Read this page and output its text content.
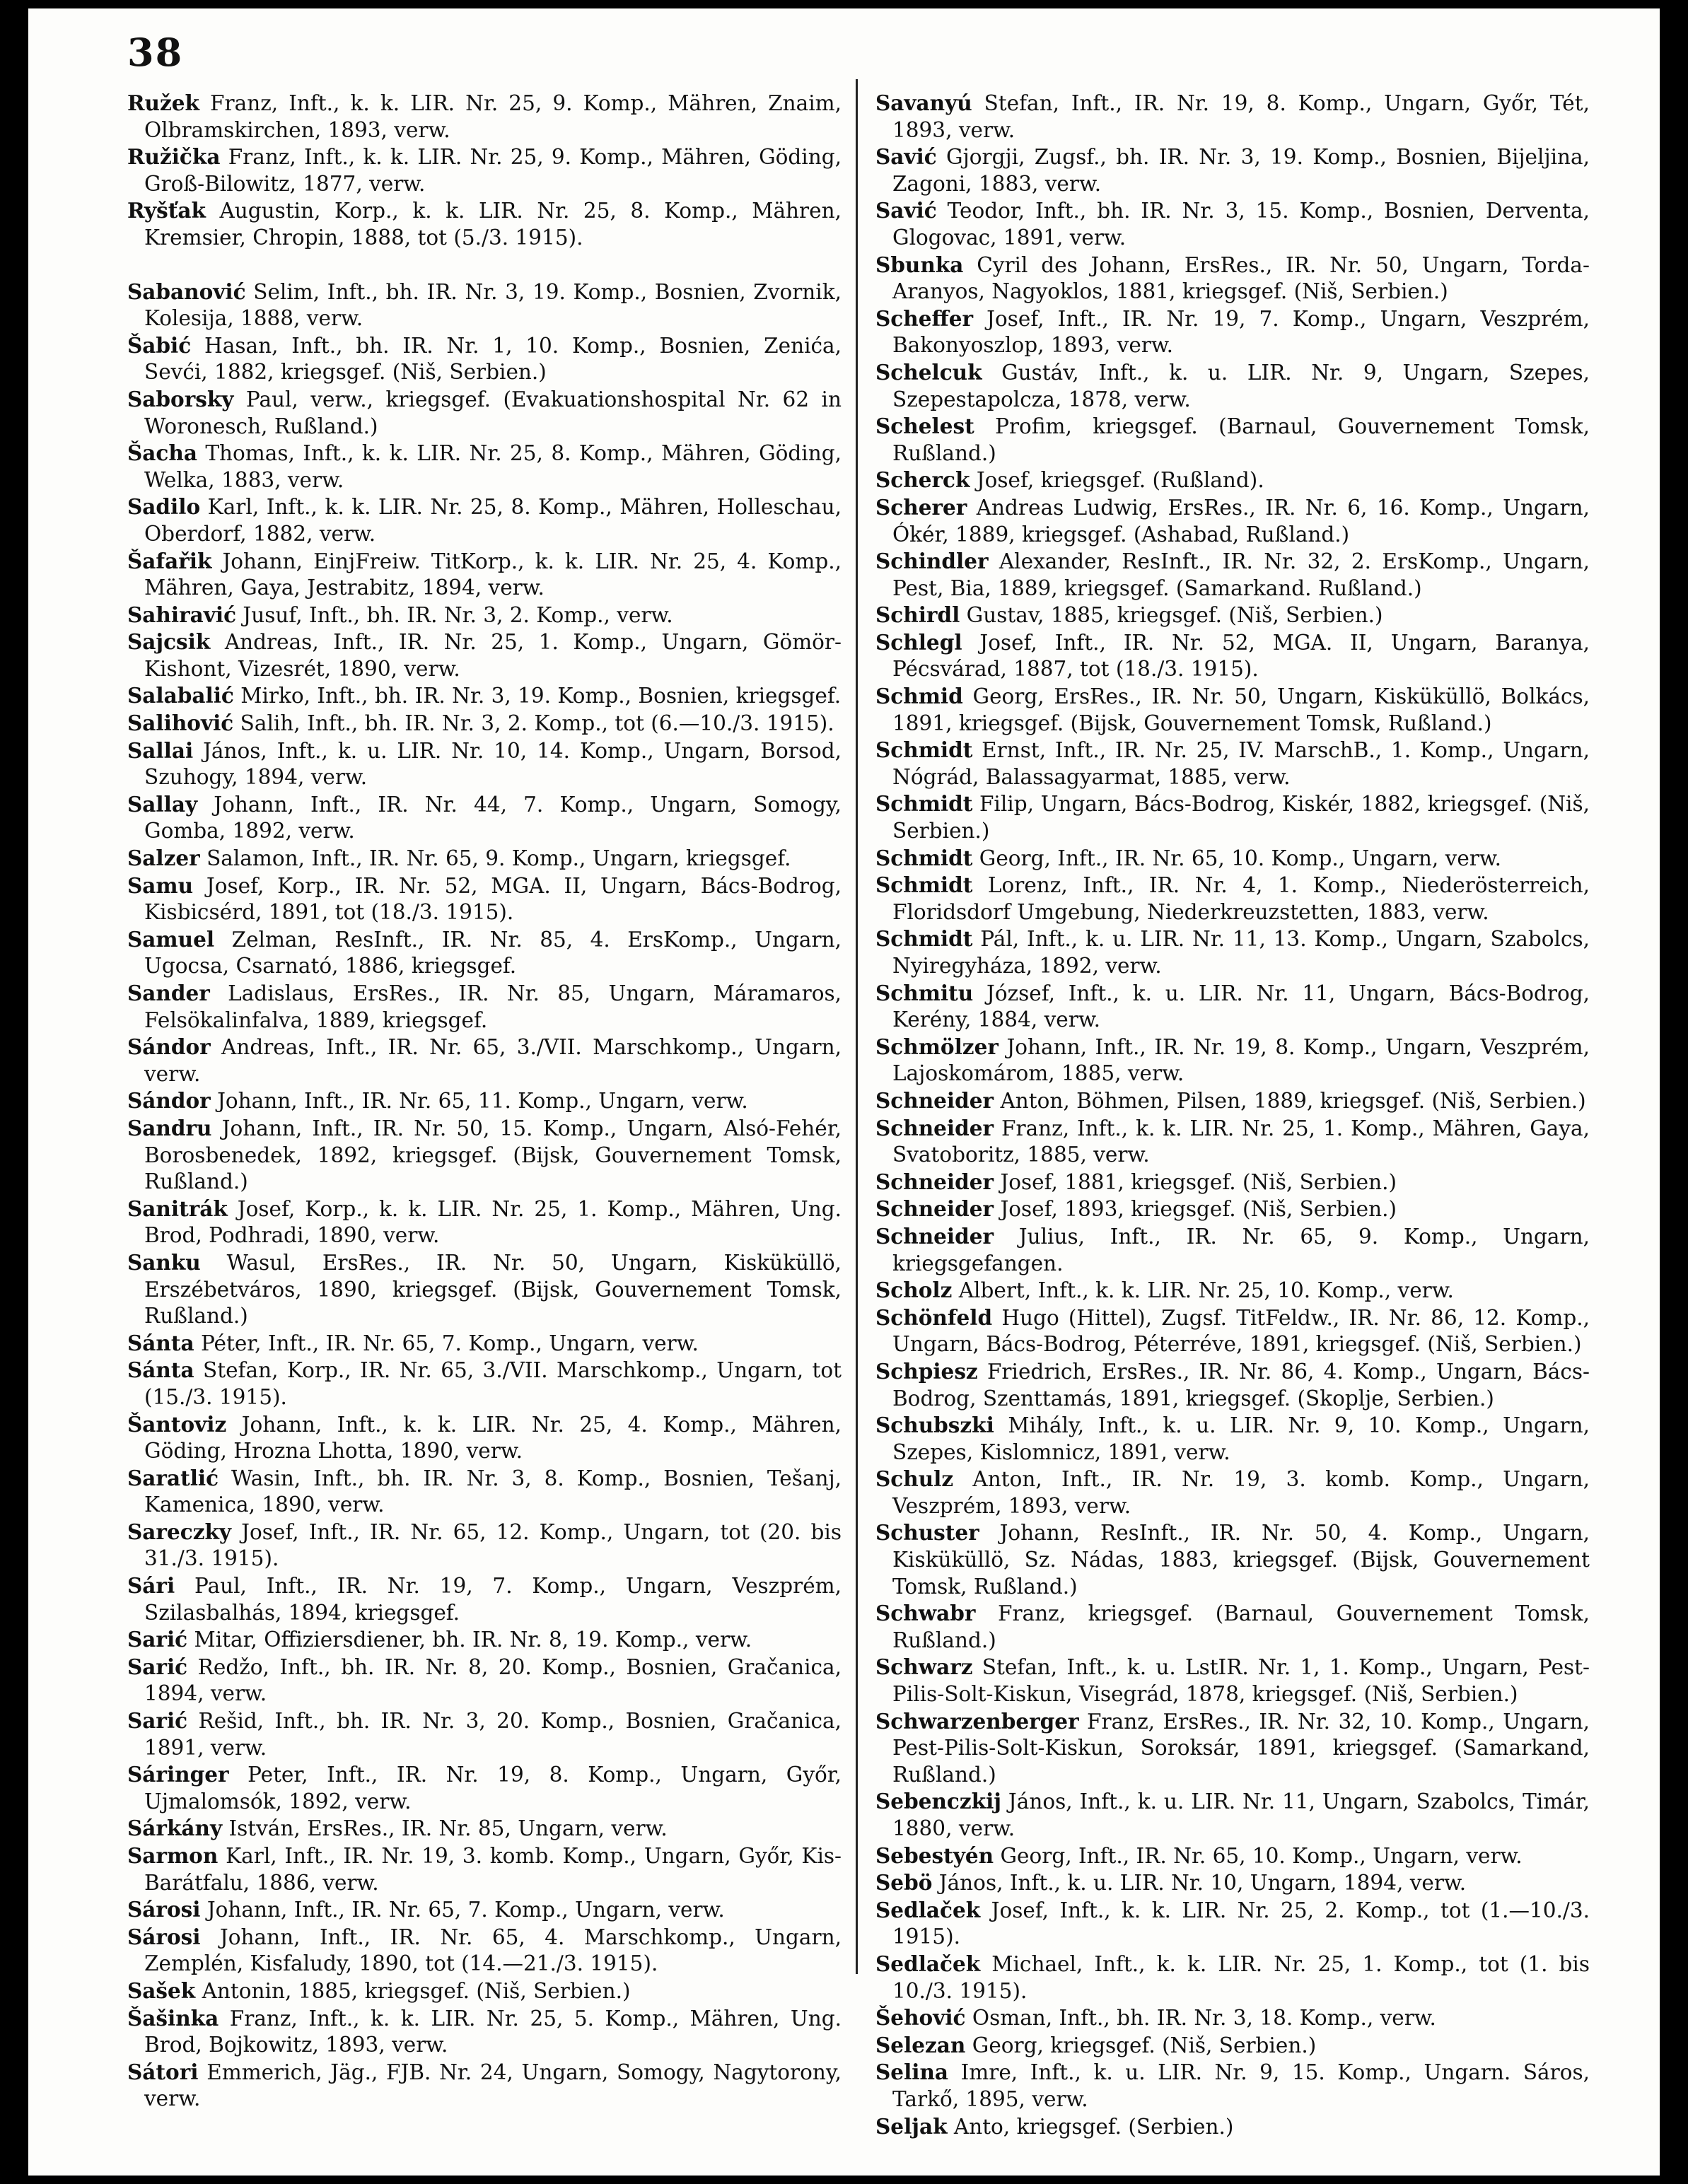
38

Ružek Franz, Inft., k. k. LIR. Nr. 25, 9. Komp., Mähren, Znaim, Olbramskirchen, 1893, verw.

Ružička Franz, Inft., k. k. LIR. Nr. 25, 9. Komp., Mähren, Göding, Groß-Bilowitz, 1877, verw.

Ryšťak Augustin, Korp., k. k. LIR. Nr. 25, 8. Komp., Mähren, Kremsier, Chropin, 1888, tot (5./3. 1915).

Sabanović Selim, Inft., bh. IR. Nr. 3, 19. Komp., Bosnien, Zvornik, Kolesija, 1888, verw.

Šabić Hasan, Inft., bh. IR. Nr. 1, 10. Komp., Bosnien, Zenića, Sevći, 1882, kriegsgef. (Niš, Serbien.)

Saborsky Paul, verw., kriegsgef. (Evakuationshospital Nr. 62 in Woronesch, Rußland.)

Šacha Thomas, Inft., k. k. LIR. Nr. 25, 8. Komp., Mähren, Göding, Welka, 1883, verw.

Sadilo Karl, Inft., k. k. LIR. Nr. 25, 8. Komp., Mähren, Holleschau, Oberdorf, 1882, verw.

Šafařik Johann, EinjFreiw. TitKorp., k. k. LIR. Nr. 25, 4. Komp., Mähren, Gaya, Jestrabitz, 1894, verw.

Sahiravić Jusuf, Inft., bh. IR. Nr. 3, 2. Komp., verw.

Sajcsik Andreas, Inft., IR. Nr. 25, 1. Komp., Ungarn, Gömör-Kishont, Vizesrét, 1890, verw.

Salabalić Mirko, Inft., bh. IR. Nr. 3, 19. Komp., Bosnien, kriegsgef.

Salihović Salih, Inft., bh. IR. Nr. 3, 2. Komp., tot (6.—10./3. 1915).

Sallai János, Inft., k. u. LIR. Nr. 10, 14. Komp., Ungarn, Borsod, Szuhogy, 1894, verw.

Sallay Johann, Inft., IR. Nr. 44, 7. Komp., Ungarn, Somogy, Gomba, 1892, verw.

Salzer Salamon, Inft., IR. Nr. 65, 9. Komp., Ungarn, kriegsgef.

Samu Josef, Korp., IR. Nr. 52, MGA. II, Ungarn, Bács-Bodrog, Kisbicsérd, 1891, tot (18./3. 1915).

Samuel Zelman, ResInft., IR. Nr. 85, 4. ErsKomp., Ungarn, Ugocsa, Csarnató, 1886, kriegsgef.

Sander Ladislaus, ErsRes., IR. Nr. 85, Ungarn, Máramaros, Felsökalinfalva, 1889, kriegsgef.

Sándor Andreas, Inft., IR. Nr. 65, 3./VII. Marschkomp., Ungarn, verw.

Sándor Johann, Inft., IR. Nr. 65, 11. Komp., Ungarn, verw.

Sandru Johann, Inft., IR. Nr. 50, 15. Komp., Ungarn, Alsó-Fehér, Borosbenedek, 1892, kriegsgef. (Bijsk, Gouvernement Tomsk, Rußland.)

Sanitrák Josef, Korp., k. k. LIR. Nr. 25, 1. Komp., Mähren, Ung. Brod, Podhradi, 1890, verw.

Sanku Wasul, ErsRes., IR. Nr. 50, Ungarn, Kisküküllö, Erszébetváros, 1890, kriegsgef. (Bijsk, Gouvernement Tomsk, Rußland.)

Sánta Péter, Inft., IR. Nr. 65, 7. Komp., Ungarn, verw.

Sánta Stefan, Korp., IR. Nr. 65, 3./VII. Marschkomp., Ungarn, tot (15./3. 1915).

Šantoviz Johann, Inft., k. k. LIR. Nr. 25, 4. Komp., Mähren, Göding, Hrozna Lhotta, 1890, verw.

Saratlić Wasin, Inft., bh. IR. Nr. 3, 8. Komp., Bosnien, Tešanj, Kamenica, 1890, verw.

Sareczky Josef, Inft., IR. Nr. 65, 12. Komp., Ungarn, tot (20. bis 31./3. 1915).

Sári Paul, Inft., IR. Nr. 19, 7. Komp., Ungarn, Veszprém, Szilasbalhás, 1894, kriegsgef.

Sarić Mitar, Offiziersdiener, bh. IR. Nr. 8, 19. Komp., verw.

Sarić Redžo, Inft., bh. IR. Nr. 8, 20. Komp., Bosnien, Gračanica, 1894, verw.

Sarić Rešid, Inft., bh. IR. Nr. 3, 20. Komp., Bosnien, Gračanica, 1891, verw.

Sáringer Peter, Inft., IR. Nr. 19, 8. Komp., Ungarn, Győr, Ujmalomsók, 1892, verw.

Sárkány István, ErsRes., IR. Nr. 85, Ungarn, verw.

Sarmon Karl, Inft., IR. Nr. 19, 3. komb. Komp., Ungarn, Győr, Kis-Barátfalu, 1886, verw.

Sárosi Johann, Inft., IR. Nr. 65, 7. Komp., Ungarn, verw.

Sárosi Johann, Inft., IR. Nr. 65, 4. Marschkomp., Ungarn, Zemplén, Kisfaludy, 1890, tot (14.—21./3. 1915).

Sašek Antonin, 1885, kriegsgef. (Niš, Serbien.)

Šašinka Franz, Inft., k. k. LIR. Nr. 25, 5. Komp., Mähren, Ung. Brod, Bojkowitz, 1893, verw.

Sátori Emmerich, Jäg., FJB. Nr. 24, Ungarn, Somogy, Nagytorony, verw.

Savanyú Stefan, Inft., IR. Nr. 19, 8. Komp., Ungarn, Győr, Tét, 1893, verw.

Savić Gjorgji, Zugsf., bh. IR. Nr. 3, 19. Komp., Bosnien, Bijeljina, Zagoni, 1883, verw.

Savić Teodor, Inft., bh. IR. Nr. 3, 15. Komp., Bosnien, Derventa, Glogovac, 1891, verw.

Sbunka Cyril des Johann, ErsRes., IR. Nr. 50, Ungarn, Torda-Aranyos, Nagyoklos, 1881, kriegsgef. (Niš, Serbien.)

Scheffer Josef, Inft., IR. Nr. 19, 7. Komp., Ungarn, Veszprém, Bakonyoszlop, 1893, verw.

Schelcuk Gustáv, Inft., k. u. LIR. Nr. 9, Ungarn, Szepes, Szepestapolcza, 1878, verw.

Schelest Profim, kriegsgef. (Barnaul, Gouvernement Tomsk, Rußland.)

Scherck Josef, kriegsgef. (Rußland).

Scherer Andreas Ludwig, ErsRes., IR. Nr. 6, 16. Komp., Ungarn, Ókér, 1889, kriegsgef. (Ashabad, Rußland.)

Schindler Alexander, ResInft., IR. Nr. 32, 2. ErsKomp., Ungarn, Pest, Bia, 1889, kriegsgef. (Samarkand. Rußland.)

Schirdl Gustav, 1885, kriegsgef. (Niš, Serbien.)

Schlegl Josef, Inft., IR. Nr. 52, MGA. II, Ungarn, Baranya, Pécsvárad, 1887, tot (18./3. 1915).

Schmid Georg, ErsRes., IR. Nr. 50, Ungarn, Kisküküllö, Bolkács, 1891, kriegsgef. (Bijsk, Gouvernement Tomsk, Rußland.)

Schmidt Ernst, Inft., IR. Nr. 25, IV. MarschB., 1. Komp., Ungarn, Nógrád, Balassagyarmat, 1885, verw.

Schmidt Filip, Ungarn, Bács-Bodrog, Kiskér, 1882, kriegsgef. (Niš, Serbien.)

Schmidt Georg, Inft., IR. Nr. 65, 10. Komp., Ungarn, verw.

Schmidt Lorenz, Inft., IR. Nr. 4, 1. Komp., Niederösterreich, Floridsdorf Umgebung, Niederkreuzstetten, 1883, verw.

Schmidt Pál, Inft., k. u. LIR. Nr. 11, 13. Komp., Ungarn, Szabolcs, Nyiregyháza, 1892, verw.

Schmitu József, Inft., k. u. LIR. Nr. 11, Ungarn, Bács-Bodrog, Kerény, 1884, verw.

Schmölzer Johann, Inft., IR. Nr. 19, 8. Komp., Ungarn, Veszprém, Lajoskomárom, 1885, verw.

Schneider Anton, Böhmen, Pilsen, 1889, kriegsgef. (Niš, Serbien.)

Schneider Franz, Inft., k. k. LIR. Nr. 25, 1. Komp., Mähren, Gaya, Svatoboritz, 1885, verw.

Schneider Josef, 1881, kriegsgef. (Niš, Serbien.)

Schneider Josef, 1893, kriegsgef. (Niš, Serbien.)

Schneider Julius, Inft., IR. Nr. 65, 9. Komp., Ungarn, kriegsgefangen.

Scholz Albert, Inft., k. k. LIR. Nr. 25, 10. Komp., verw.

Schönfeld Hugo (Hittel), Zugsf. TitFeldw., IR. Nr. 86, 12. Komp., Ungarn, Bács-Bodrog, Péterréve, 1891, kriegsgef. (Niš, Serbien.)

Schpiesz Friedrich, ErsRes., IR. Nr. 86, 4. Komp., Ungarn, Bács-Bodrog, Szenttamás, 1891, kriegsgef. (Skoplje, Serbien.)

Schubszki Mihály, Inft., k. u. LIR. Nr. 9, 10. Komp., Ungarn, Szepes, Kislomnicz, 1891, verw.

Schulz Anton, Inft., IR. Nr. 19, 3. komb. Komp., Ungarn, Veszprém, 1893, verw.

Schuster Johann, ResInft., IR. Nr. 50, 4. Komp., Ungarn, Kisküküllö, Sz. Nádas, 1883, kriegsgef. (Bijsk, Gouvernement Tomsk, Rußland.)

Schwabr Franz, kriegsgef. (Barnaul, Gouvernement Tomsk, Rußland.)

Schwarz Stefan, Inft., k. u. LstIR. Nr. 1, 1. Komp., Ungarn, Pest-Pilis-Solt-Kiskun, Visegrád, 1878, kriegsgef. (Niš, Serbien.)

Schwarzenberger Franz, ErsRes., IR. Nr. 32, 10. Komp., Ungarn, Pest-Pilis-Solt-Kiskun, Soroksár, 1891, kriegsgef. (Samarkand, Rußland.)

Sebenczkij János, Inft., k. u. LIR. Nr. 11, Ungarn, Szabolcs, Timár, 1880, verw.

Sebestyén Georg, Inft., IR. Nr. 65, 10. Komp., Ungarn, verw.

Sebö János, Inft., k. u. LIR. Nr. 10, Ungarn, 1894, verw.

Sedlaček Josef, Inft., k. k. LIR. Nr. 25, 2. Komp., tot (1.—10./3. 1915).

Sedlaček Michael, Inft., k. k. LIR. Nr. 25, 1. Komp., tot (1. bis 10./3. 1915).

Šehović Osman, Inft., bh. IR. Nr. 3, 18. Komp., verw.

Selezan Georg, kriegsgef. (Niš, Serbien.)

Selina Imre, Inft., k. u. LIR. Nr. 9, 15. Komp., Ungarn. Sáros, Tarkő, 1895, verw.

Seljak Anto, kriegsgef. (Serbien.)
